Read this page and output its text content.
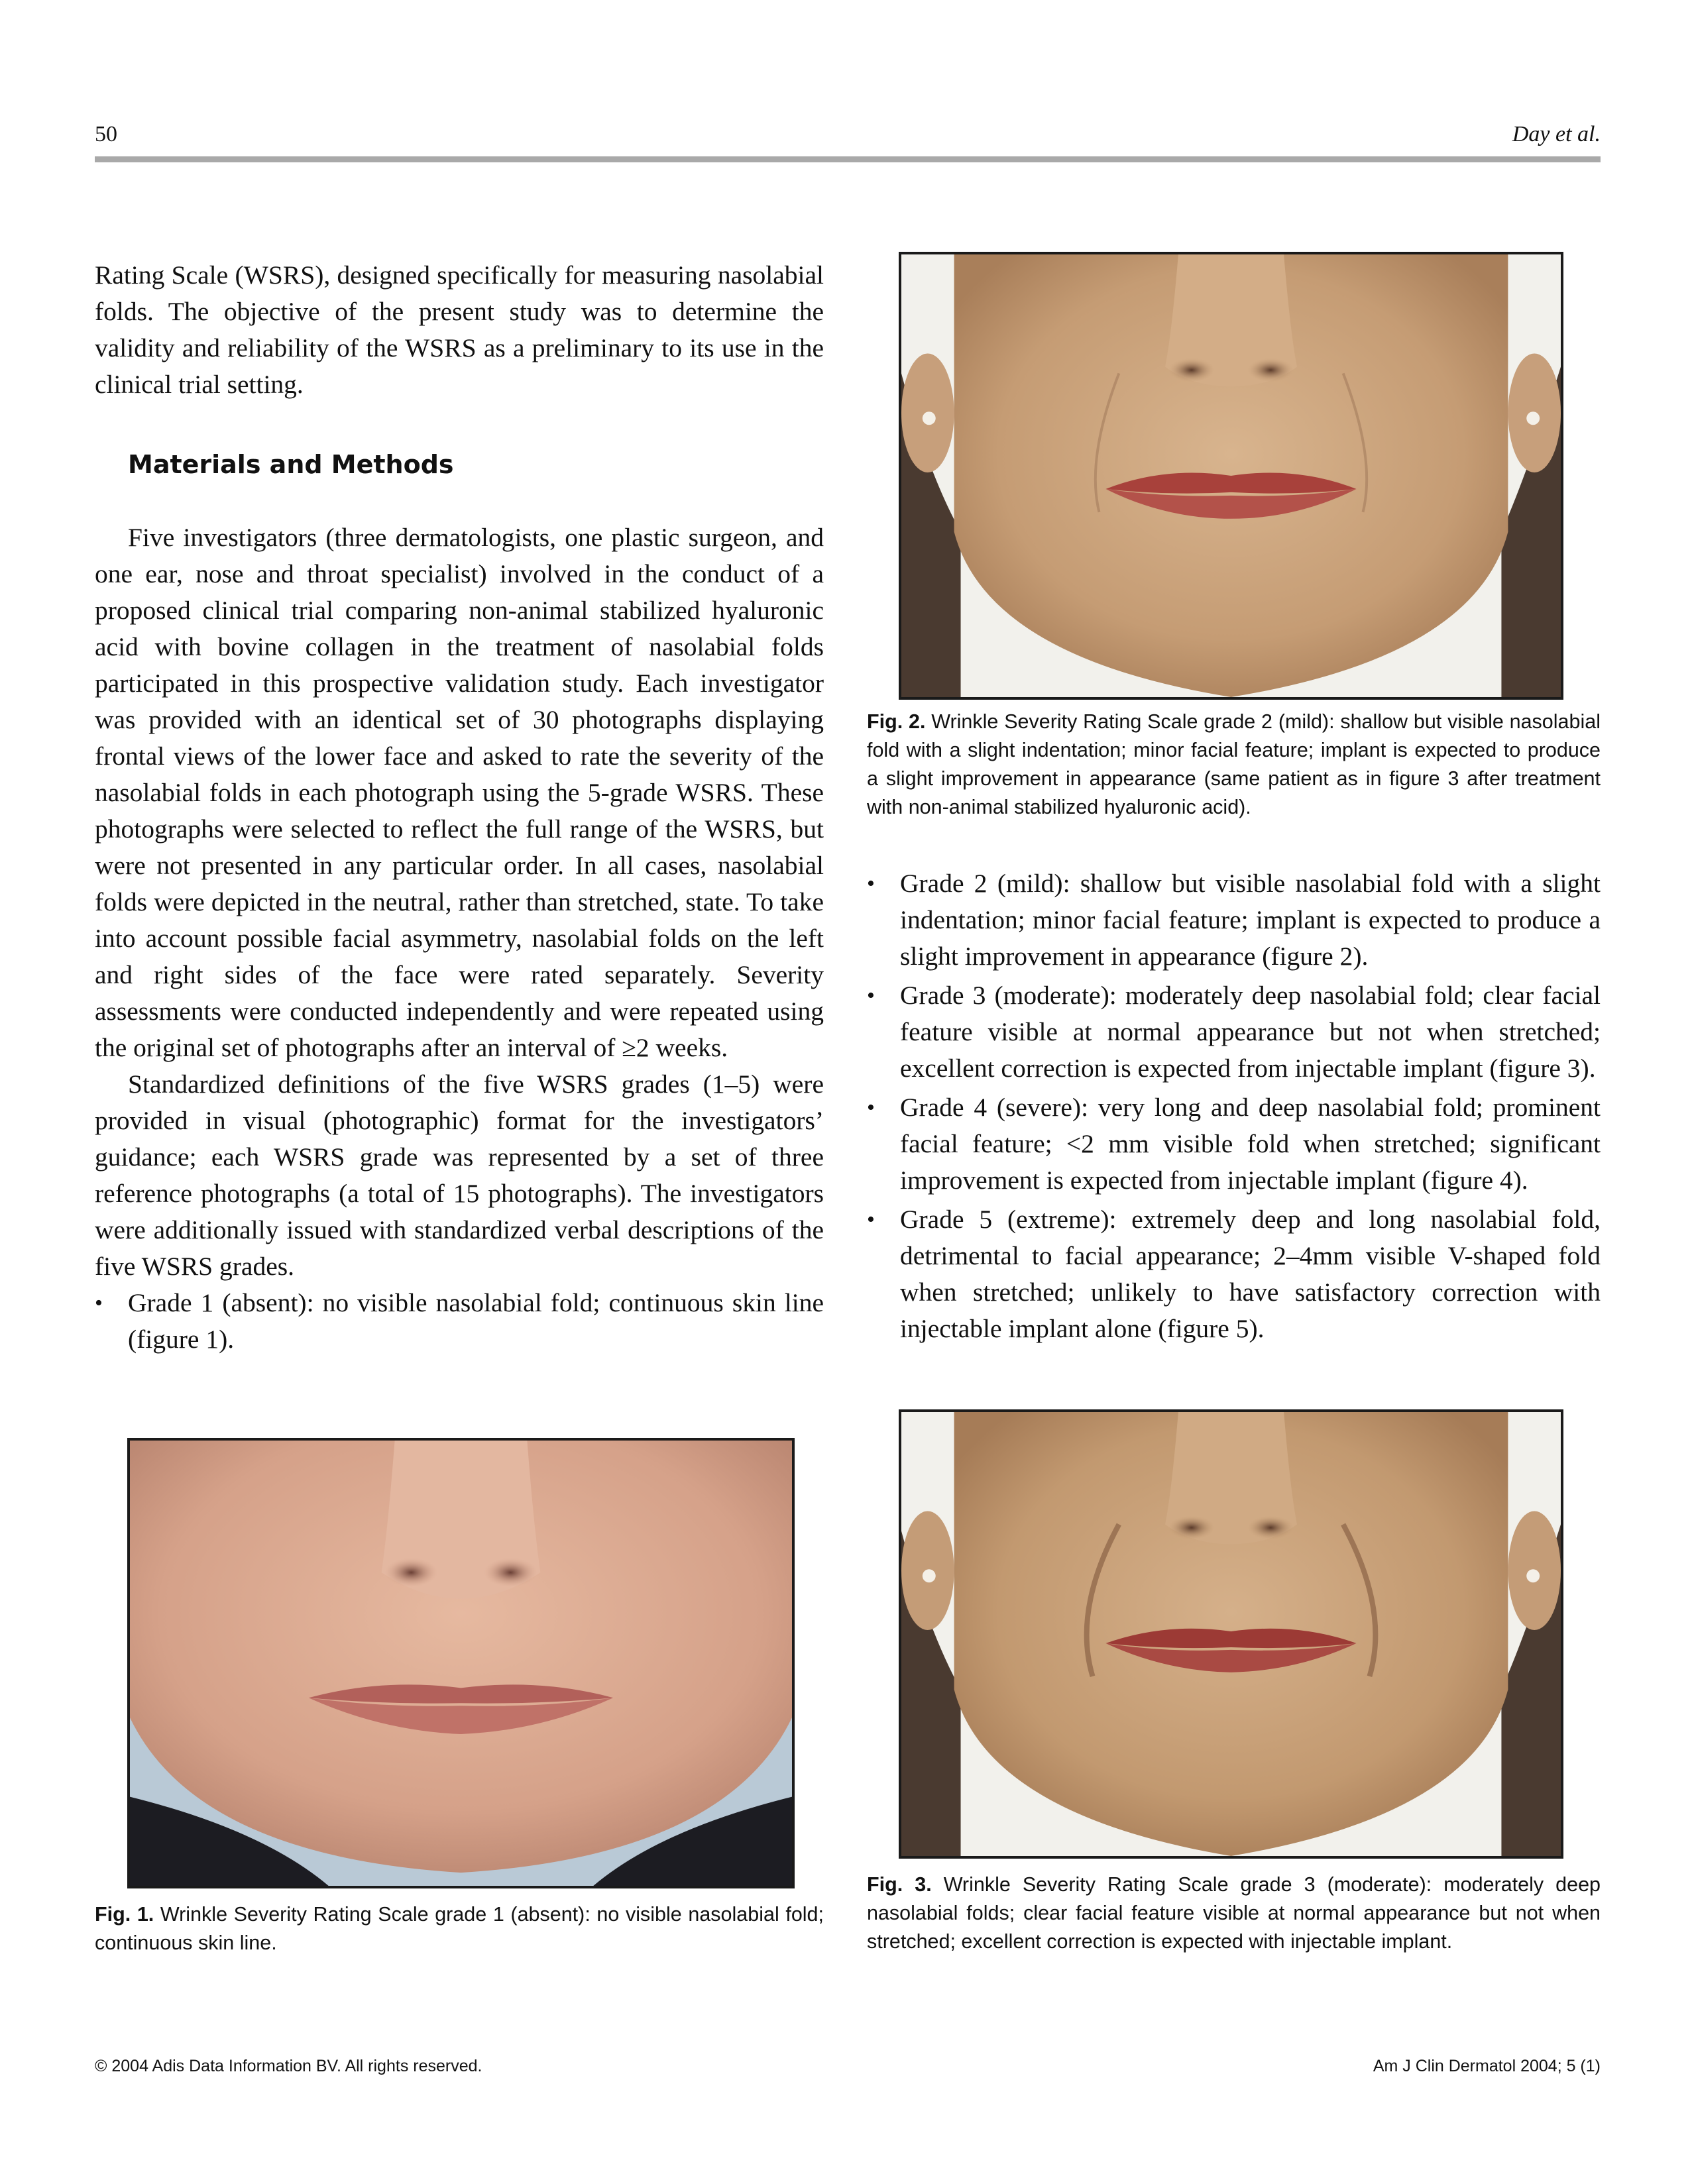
50	Day et al.

Rating Scale (WSRS), designed specifically for measuring nasolabial folds. The objective of the present study was to determine the validity and reliability of the WSRS as a preliminary to its use in the clinical trial setting.

Materials and Methods

Five investigators (three dermatologists, one plastic surgeon, and one ear, nose and throat specialist) involved in the conduct of a proposed clinical trial comparing non-animal stabilized hyaluronic acid with bovine collagen in the treatment of nasolabial folds participated in this prospective validation study. Each investigator was provided with an identical set of 30 photographs displaying frontal views of the lower face and asked to rate the severity of the nasolabial folds in each photograph using the 5-grade WSRS. These photographs were selected to reflect the full range of the WSRS, but were not presented in any particular order. In all cases, nasolabial folds were depicted in the neutral, rather than stretched, state. To take into account possible facial asymmetry, nasolabial folds on the left and right sides of the face were rated separately. Severity assessments were conducted independently and were repeated using the original set of photographs after an interval of ≥2 weeks.

Standardized definitions of the five WSRS grades (1–5) were provided in visual (photographic) format for the investigators’ guidance; each WSRS grade was represented by a set of three reference photographs (a total of 15 photographs). The investigators were additionally issued with standardized verbal descriptions of the five WSRS grades.

• Grade 1 (absent): no visible nasolabial fold; continuous skin line (figure 1).

Fig. 2. Wrinkle Severity Rating Scale grade 2 (mild): shallow but visible nasolabial fold with a slight indentation; minor facial feature; implant is expected to produce a slight improvement in appearance (same patient as in figure 3 after treatment with non-animal stabilized hyaluronic acid).

• Grade 2 (mild): shallow but visible nasolabial fold with a slight indentation; minor facial feature; implant is expected to produce a slight improvement in appearance (figure 2).
• Grade 3 (moderate): moderately deep nasolabial fold; clear facial feature visible at normal appearance but not when stretched; excellent correction is expected from injectable implant (figure 3).
• Grade 4 (severe): very long and deep nasolabial fold; prominent facial feature; <2 mm visible fold when stretched; significant improvement is expected from injectable implant (figure 4).
• Grade 5 (extreme): extremely deep and long nasolabial fold, detrimental to facial appearance; 2–4mm visible V-shaped fold when stretched; unlikely to have satisfactory correction with injectable implant alone (figure 5).

Fig. 1. Wrinkle Severity Rating Scale grade 1 (absent): no visible nasolabial fold; continuous skin line.

Fig. 3. Wrinkle Severity Rating Scale grade 3 (moderate): moderately deep nasolabial folds; clear facial feature visible at normal appearance but not when stretched; excellent correction is expected with injectable implant.

© 2004 Adis Data Information BV. All rights reserved.	Am J Clin Dermatol 2004; 5 (1)
